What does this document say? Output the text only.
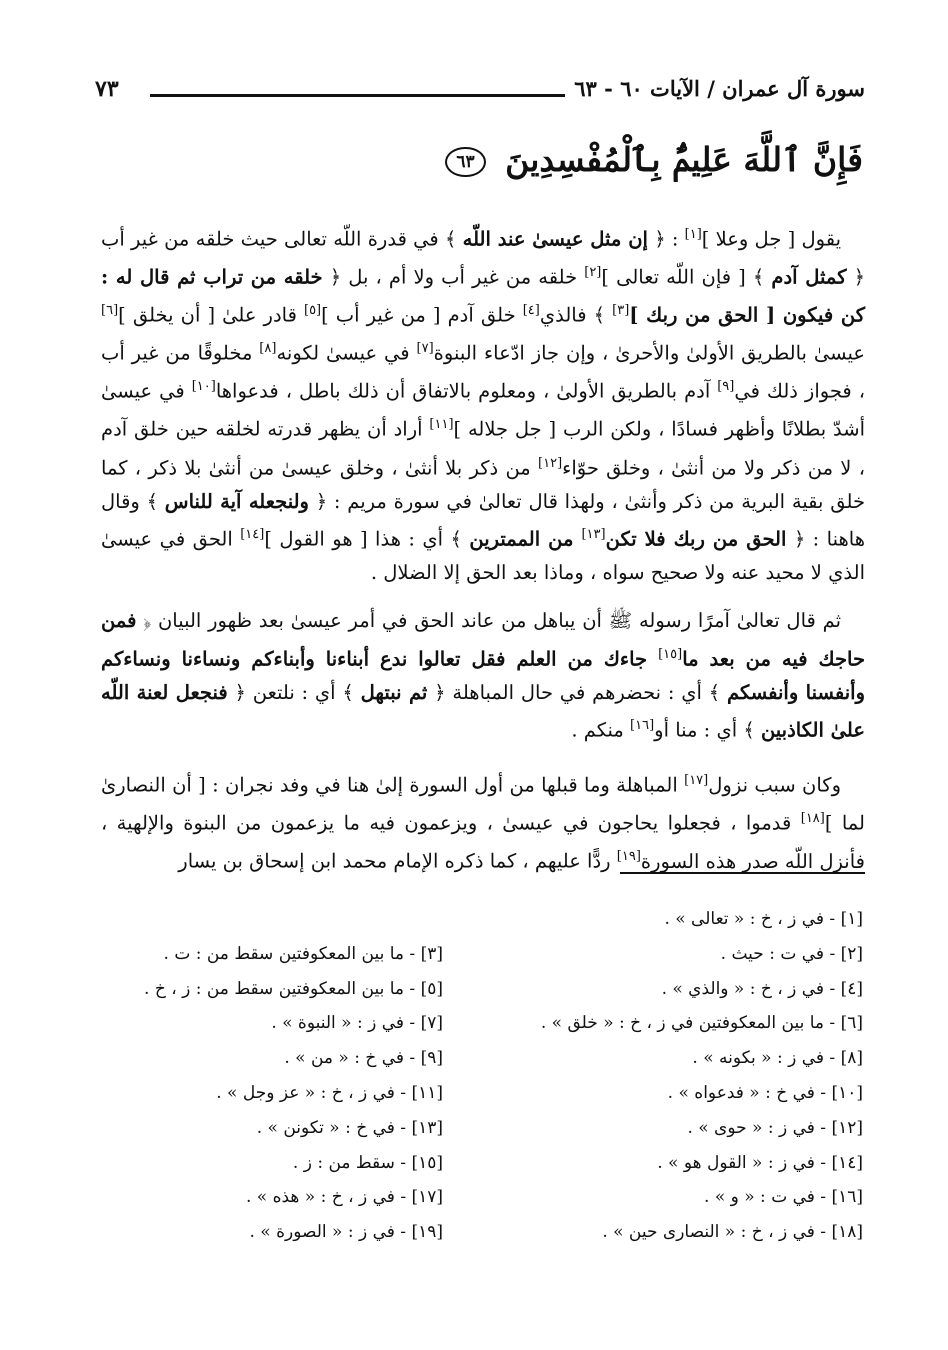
سورة آل عمران / الآيات ٦٠ - ٦٣
٧٣
فَإِنَّ ٱللَّهَ عَلِيمٌۢ بِٱلْمُفْسِدِينَ ٦٣

يقول [ جل وعلا ][١] : ﴿ إن مثل عيسىٰ عند اللّه ﴾ في قدرة اللّه تعالى حيث خلقه من غير أب ﴿ كمثل آدم ﴾ [ فإن اللّه تعالى ][٢] خلقه من غير أب ولا أم ، بل ﴿ خلقه من تراب ثم قال له : كن فيكون [ الحق من ربك ][٣] ﴾ فالذي[٤] خلق آدم [ من غير أب ][٥] قادر علىٰ [ أن يخلق ][٦] عيسىٰ بالطريق الأولىٰ والأحرىٰ ، وإن جاز ادّعاء البنوة[٧] في عيسىٰ لكونه[٨] مخلوقًا من غير أب ، فجواز ذلك في[٩] آدم بالطريق الأولىٰ ، ومعلوم بالاتفاق أن ذلك باطل ، فدعواها[١٠] في عيسىٰ أشدّ بطلانًا وأظهر فسادًا ، ولكن الرب [ جل جلاله ][١١] أراد أن يظهر قدرته لخلقه حين خلق آدم ، لا من ذكر ولا من أنثىٰ ، وخلق حوّاء[١٢] من ذكر بلا أنثىٰ ، وخلق عيسىٰ من أنثىٰ بلا ذكر ، كما خلق بقية البرية من ذكر وأنثىٰ ، ولهذا قال تعالىٰ في سورة مريم : ﴿ ولنجعله آية للناس ﴾ وقال هاهنا : ﴿ الحق من ربك فلا تكن[١٣] من الممترين ﴾ أي : هذا [ هو القول ][١٤] الحق في عيسىٰ الذي لا محيد عنه ولا صحيح سواه ، وماذا بعد الحق إلا الضلال .

ثم قال تعالىٰ آمرًا رسوله ﷺ أن يباهل من عاند الحق في أمر عيسىٰ بعد ظهور البيان ﴿ فمن حاجك فيه من بعد ما[١٥] جاءك من العلم فقل تعالوا ندع أبناءنا وأبناءكم ونساءنا ونساءكم وأنفسنا وأنفسكم ﴾ أي : نحضرهم في حال المباهلة ﴿ ثم نبتهل ﴾ أي : نلتعن ﴿ فنجعل لعنة اللّه علىٰ الكاذبين ﴾ أي : منا أو[١٦] منكم .

وكان سبب نزول[١٧] المباهلة وما قبلها من أول السورة إلىٰ هنا في وفد نجران : [ أن النصارىٰ لما ][١٨] قدموا ، فجعلوا يحاجون في عيسىٰ ، ويزعمون فيه ما يزعمون من البنوة والإلهية ، فأنزل اللّه صدر هذه السورة[١٩] ردًّا عليهم ، كما ذكره الإمام محمد ابن إسحاق بن يسار

[١] - في ز ، خ : « تعالى » .
[٢] - في ت : حيث .
[٣] - ما بين المعكوفتين سقط من : ت .
[٤] - في ز ، خ : « والذي » .
[٥] - ما بين المعكوفتين سقط من : ز ، خ .
[٦] - ما بين المعكوفتين في ز ، خ : « خلق » .
[٧] - في ز : « النبوة » .
[٨] - في ز : « بكونه » .
[٩] - في خ : « من » .
[١٠] - في خ : « فدعواه » .
[١١] - في ز ، خ : « عز وجل » .
[١٢] - في ز : « حوى » .
[١٣] - في خ : « تكونن » .
[١٤] - في ز : « القول هو » .
[١٥] - سقط من : ز .
[١٦] - في ت : « و » .
[١٧] - في ز ، خ : « هذه » .
[١٨] - في ز ، خ : « النصارى حين » .
[١٩] - في ز : « الصورة » .
